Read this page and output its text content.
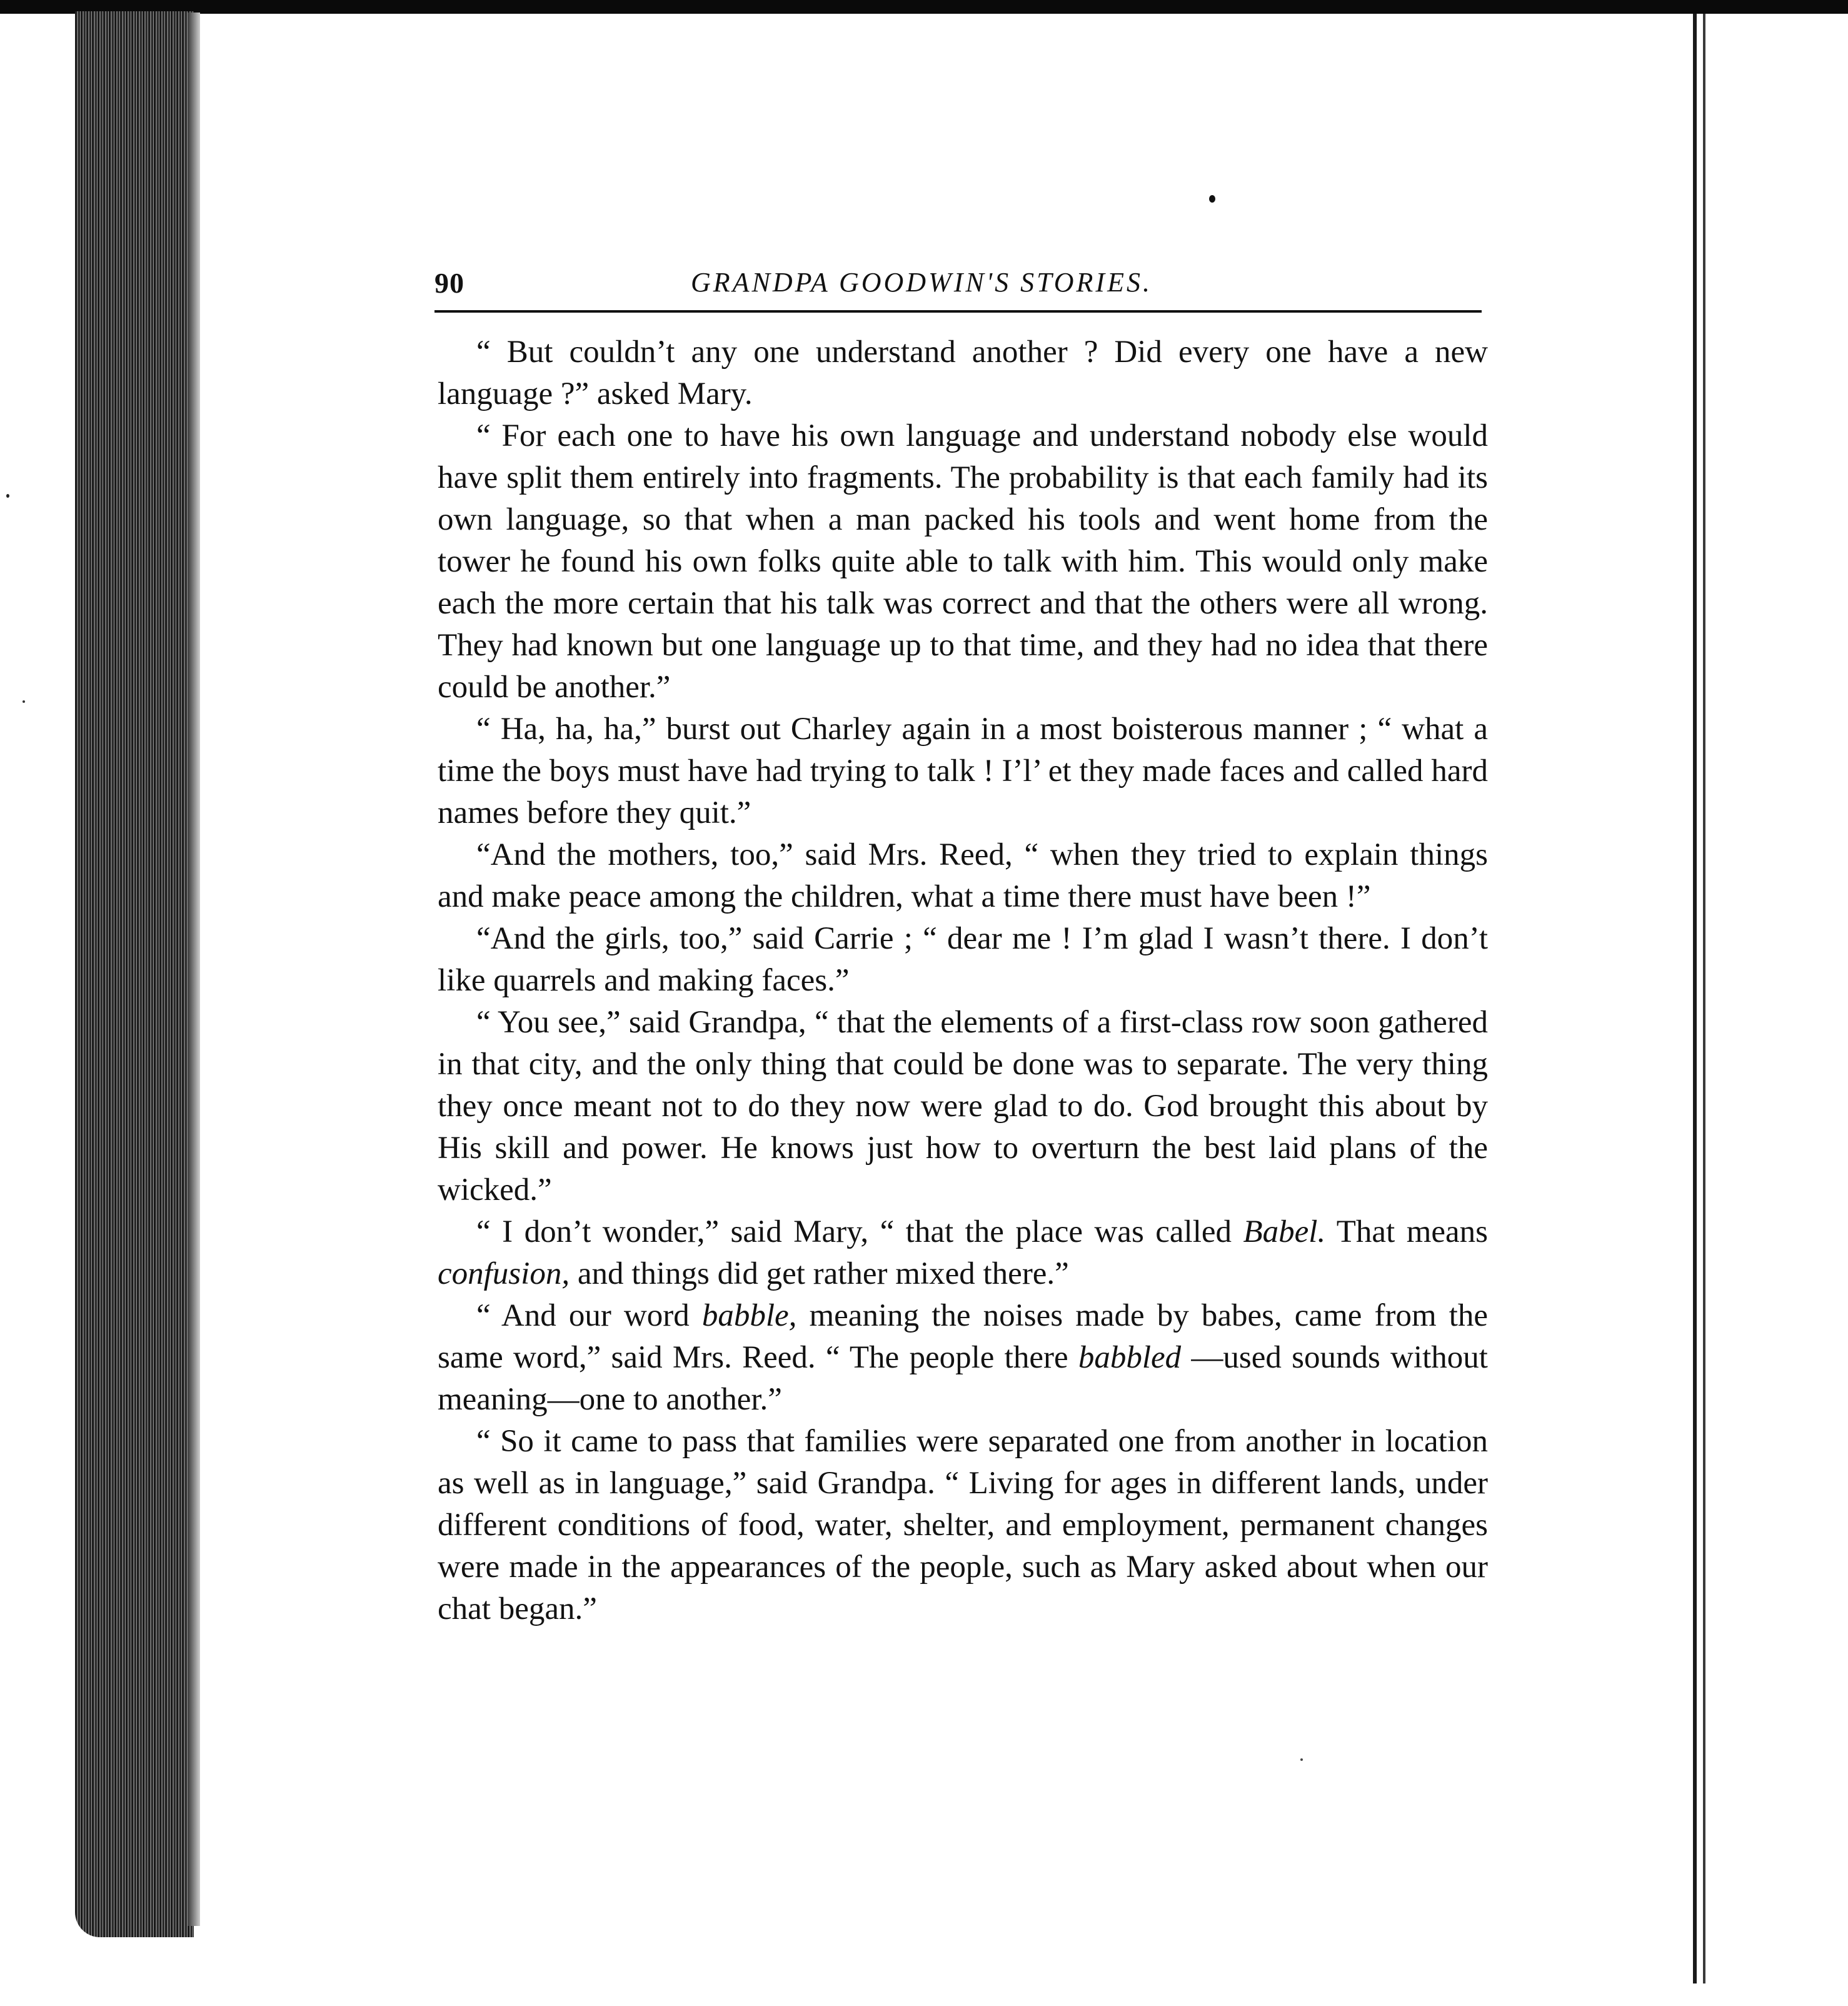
90	GRANDPA GOODWIN'S STORIES.

“ But couldn’t any one understand another ? Did every one have a new language ?” asked Mary.

“ For each one to have his own language and understand nobody else would have split them entirely into fragments. The probability is that each family had its own language, so that when a man packed his tools and went home from the tower he found his own folks quite able to talk with him. This would only make each the more certain that his talk was correct and that the others were all wrong. They had known but one language up to that time, and they had no idea that there could be another.”

“ Ha, ha, ha,” burst out Charley again in a most boisterous manner ; “ what a time the boys must have had trying to talk ! I’l’ et they made faces and called hard names before they quit.”

“And the mothers, too,” said Mrs. Reed, “ when they tried to explain things and make peace among the children, what a time there must have been !”

“And the girls, too,” said Carrie ; “ dear me ! I’m glad I wasn’t there. I don’t like quarrels and making faces.”

“ You see,” said Grandpa, “ that the elements of a first-class row soon gathered in that city, and the only thing that could be done was to separate. The very thing they once meant not to do they now were glad to do. God brought this about by His skill and power. He knows just how to overturn the best laid plans of the wicked.”

“ I don’t wonder,” said Mary, “ that the place was called Babel. That means confusion, and things did get rather mixed there.”

“ And our word babble, meaning the noises made by babes, came from the same word,” said Mrs. Reed. “ The people there babbled —used sounds without meaning—one to another.”

“ So it came to pass that families were separated one from another in location as well as in language,” said Grandpa. “ Living for ages in different lands, under different conditions of food, water, shelter, and employment, permanent changes were made in the appearances of the people, such as Mary asked about when our chat began.”
